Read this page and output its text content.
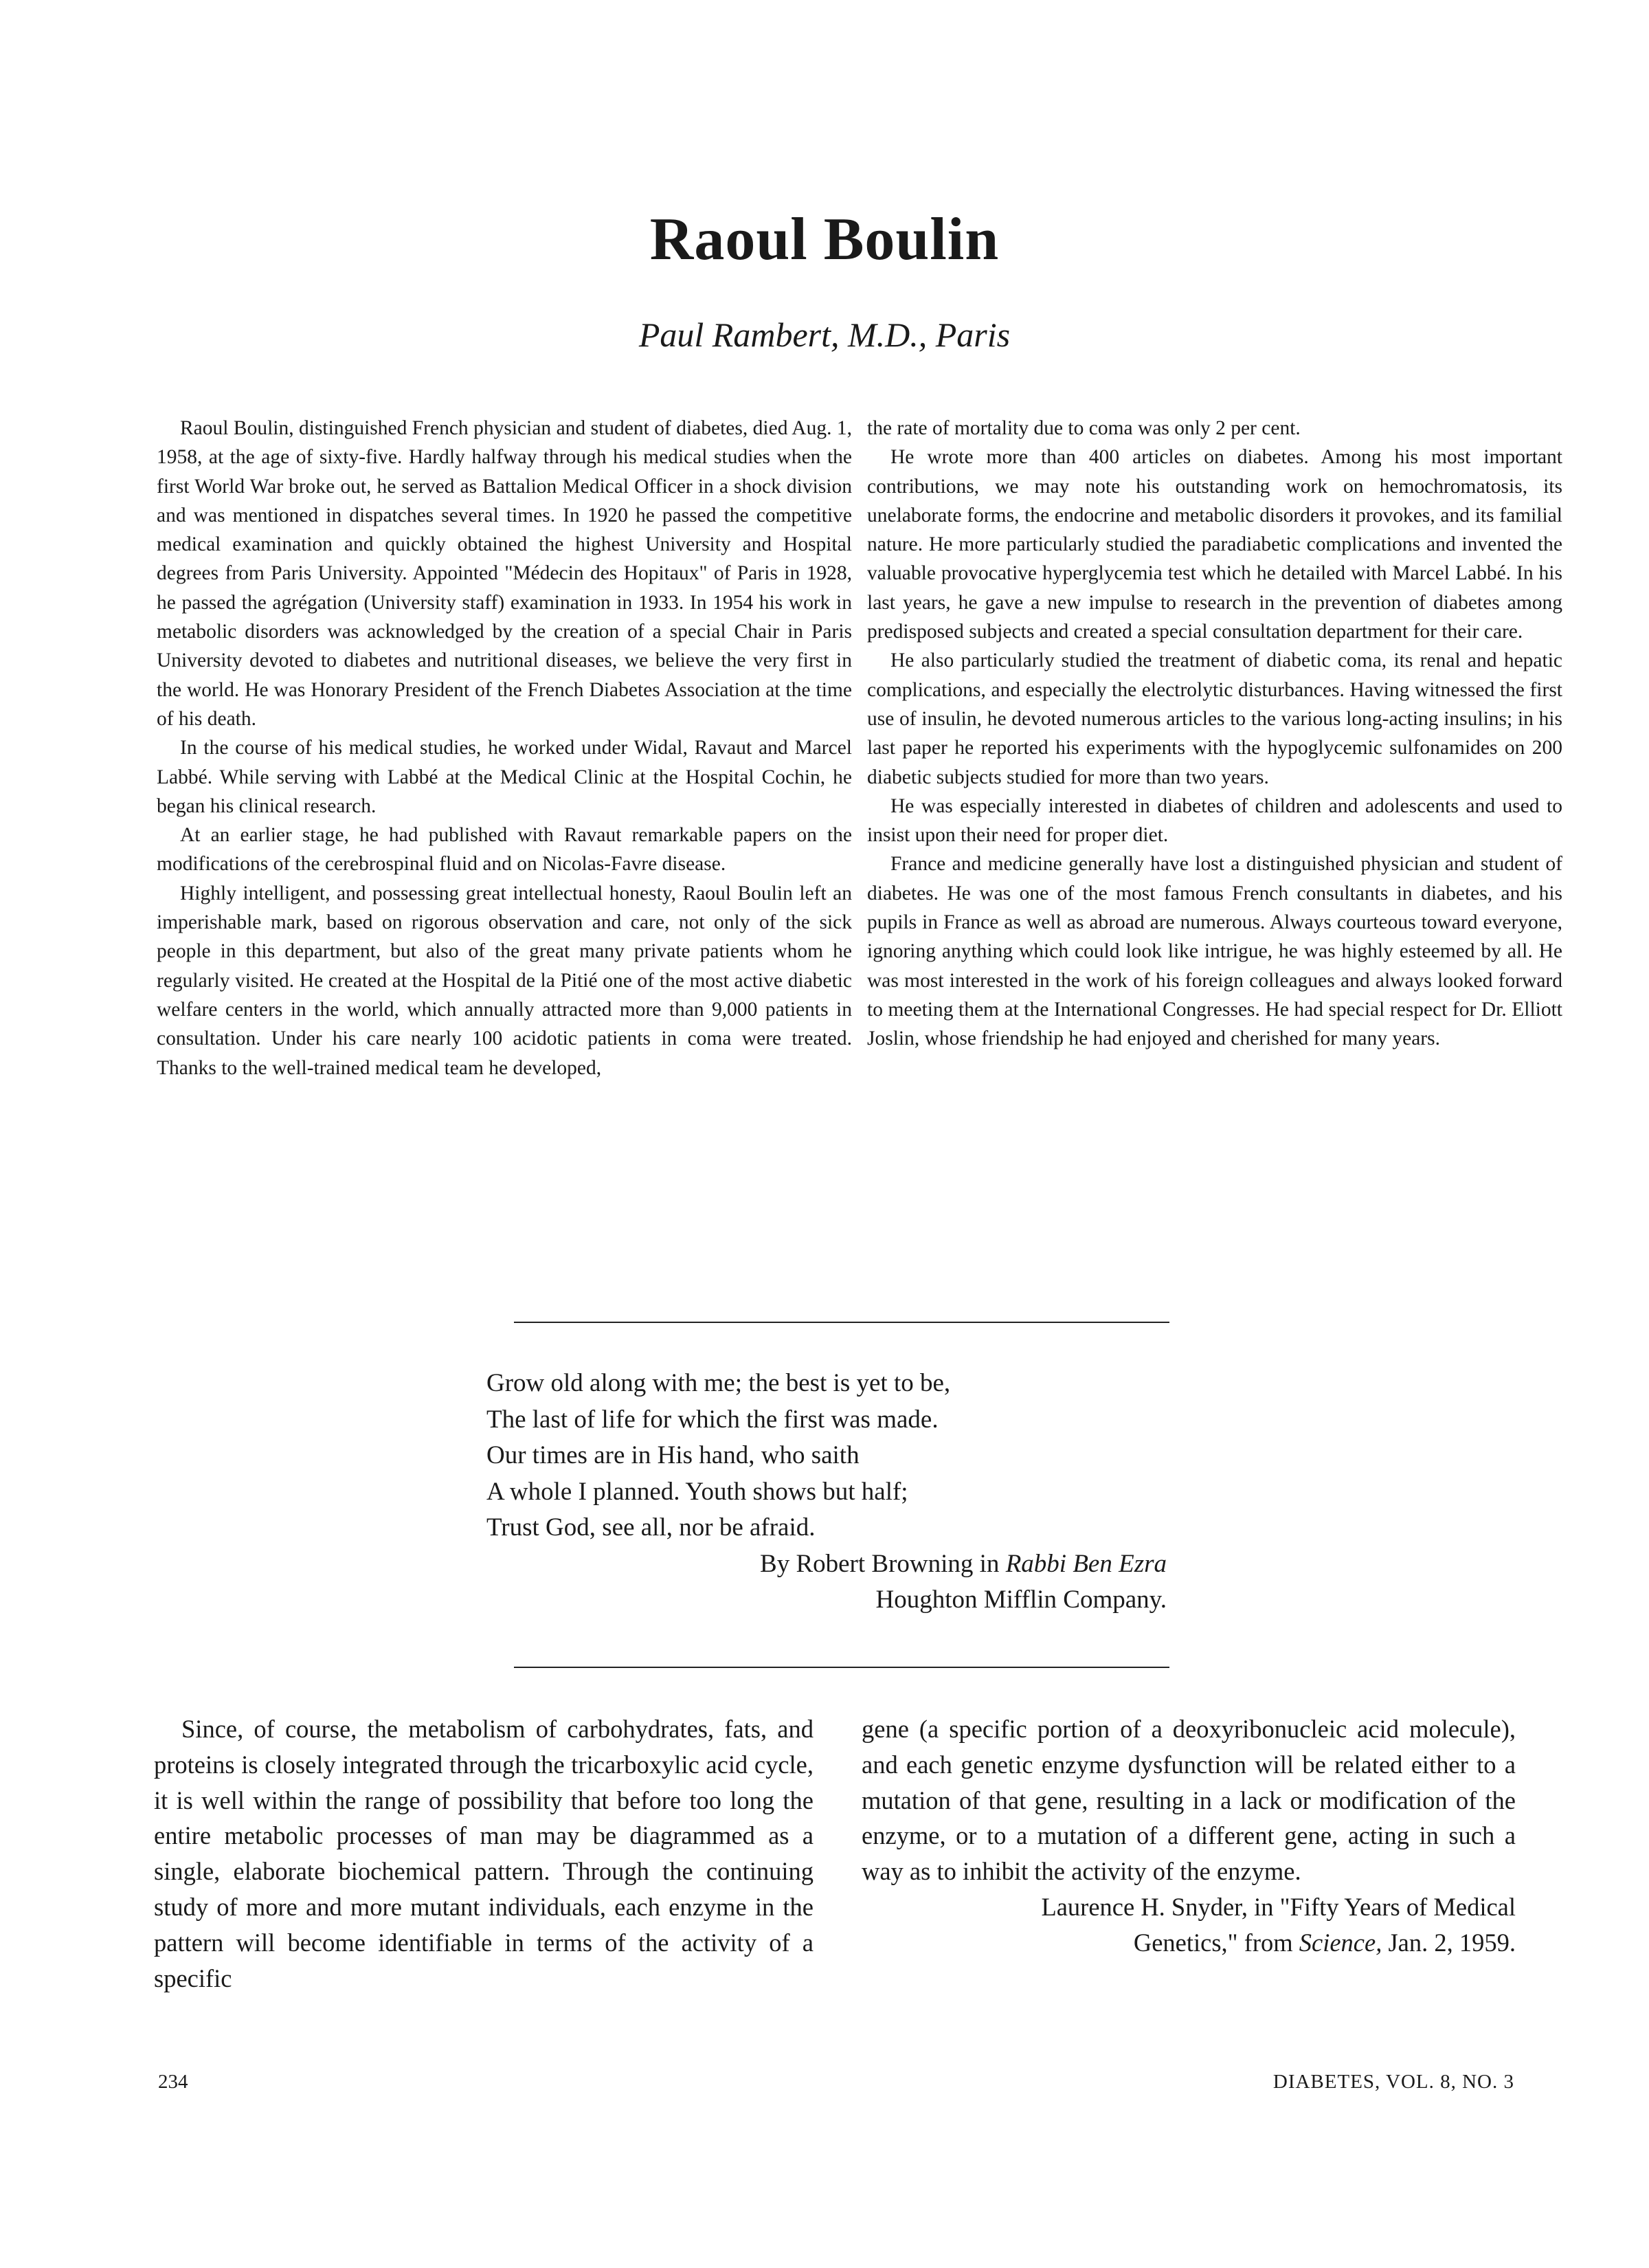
Raoul Boulin
Paul Rambert, M.D., Paris

Raoul Boulin, distinguished French physician and student of diabetes, died Aug. 1, 1958, at the age of sixty-five. Hardly halfway through his medical studies when the first World War broke out, he served as Battalion Medical Officer in a shock division and was mentioned in dispatches several times. In 1920 he passed the competitive medical examination and quickly obtained the highest University and Hospital degrees from Paris University. Appointed "Médecin des Hopitaux" of Paris in 1928, he passed the agrégation (University staff) examination in 1933. In 1954 his work in metabolic disorders was acknowledged by the creation of a special Chair in Paris University devoted to diabetes and nutritional diseases, we believe the very first in the world. He was Honorary President of the French Diabetes Association at the time of his death.

In the course of his medical studies, he worked under Widal, Ravaut and Marcel Labbé. While serving with Labbé at the Medical Clinic at the Hospital Cochin, he began his clinical research.

At an earlier stage, he had published with Ravaut remarkable papers on the modifications of the cerebrospinal fluid and on Nicolas-Favre disease.

Highly intelligent, and possessing great intellectual honesty, Raoul Boulin left an imperishable mark, based on rigorous observation and care, not only of the sick people in this department, but also of the great many private patients whom he regularly visited. He created at the Hospital de la Pitié one of the most active diabetic welfare centers in the world, which annually attracted more than 9,000 patients in consultation. Under his care nearly 100 acidotic patients in coma were treated. Thanks to the well-trained medical team he developed,

the rate of mortality due to coma was only 2 per cent.

He wrote more than 400 articles on diabetes. Among his most important contributions, we may note his outstanding work on hemochromatosis, its unelaborate forms, the endocrine and metabolic disorders it provokes, and its familial nature. He more particularly studied the paradiabetic complications and invented the valuable provocative hyperglycemia test which he detailed with Marcel Labbé. In his last years, he gave a new impulse to research in the prevention of diabetes among predisposed subjects and created a special consultation department for their care.

He also particularly studied the treatment of diabetic coma, its renal and hepatic complications, and especially the electrolytic disturbances. Having witnessed the first use of insulin, he devoted numerous articles to the various long-acting insulins; in his last paper he reported his experiments with the hypoglycemic sulfonamides on 200 diabetic subjects studied for more than two years.

He was especially interested in diabetes of children and adolescents and used to insist upon their need for proper diet.

France and medicine generally have lost a distinguished physician and student of diabetes. He was one of the most famous French consultants in diabetes, and his pupils in France as well as abroad are numerous. Always courteous toward everyone, ignoring anything which could look like intrigue, he was highly esteemed by all. He was most interested in the work of his foreign colleagues and always looked forward to meeting them at the International Congresses. He had special respect for Dr. Elliott Joslin, whose friendship he had enjoyed and cherished for many years.

Grow old along with me; the best is yet to be,
The last of life for which the first was made.
Our times are in His hand, who saith
A whole I planned. Youth shows but half;
Trust God, see all, nor be afraid.
By Robert Browning in Rabbi Ben Ezra
Houghton Mifflin Company.

Since, of course, the metabolism of carbohydrates, fats, and proteins is closely integrated through the tricarboxylic acid cycle, it is well within the range of possibility that before too long the entire metabolic processes of man may be diagrammed as a single, elaborate biochemical pattern. Through the continuing study of more and more mutant individuals, each enzyme in the pattern will become identifiable in terms of the activity of a specific

gene (a specific portion of a deoxyribonucleic acid molecule), and each genetic enzyme dysfunction will be related either to a mutation of that gene, resulting in a lack or modification of the enzyme, or to a mutation of a different gene, acting in such a way as to inhibit the activity of the enzyme.

Laurence H. Snyder, in "Fifty Years of Medical
Genetics," from Science, Jan. 2, 1959.
234	DIABETES, VOL. 8, NO. 3
